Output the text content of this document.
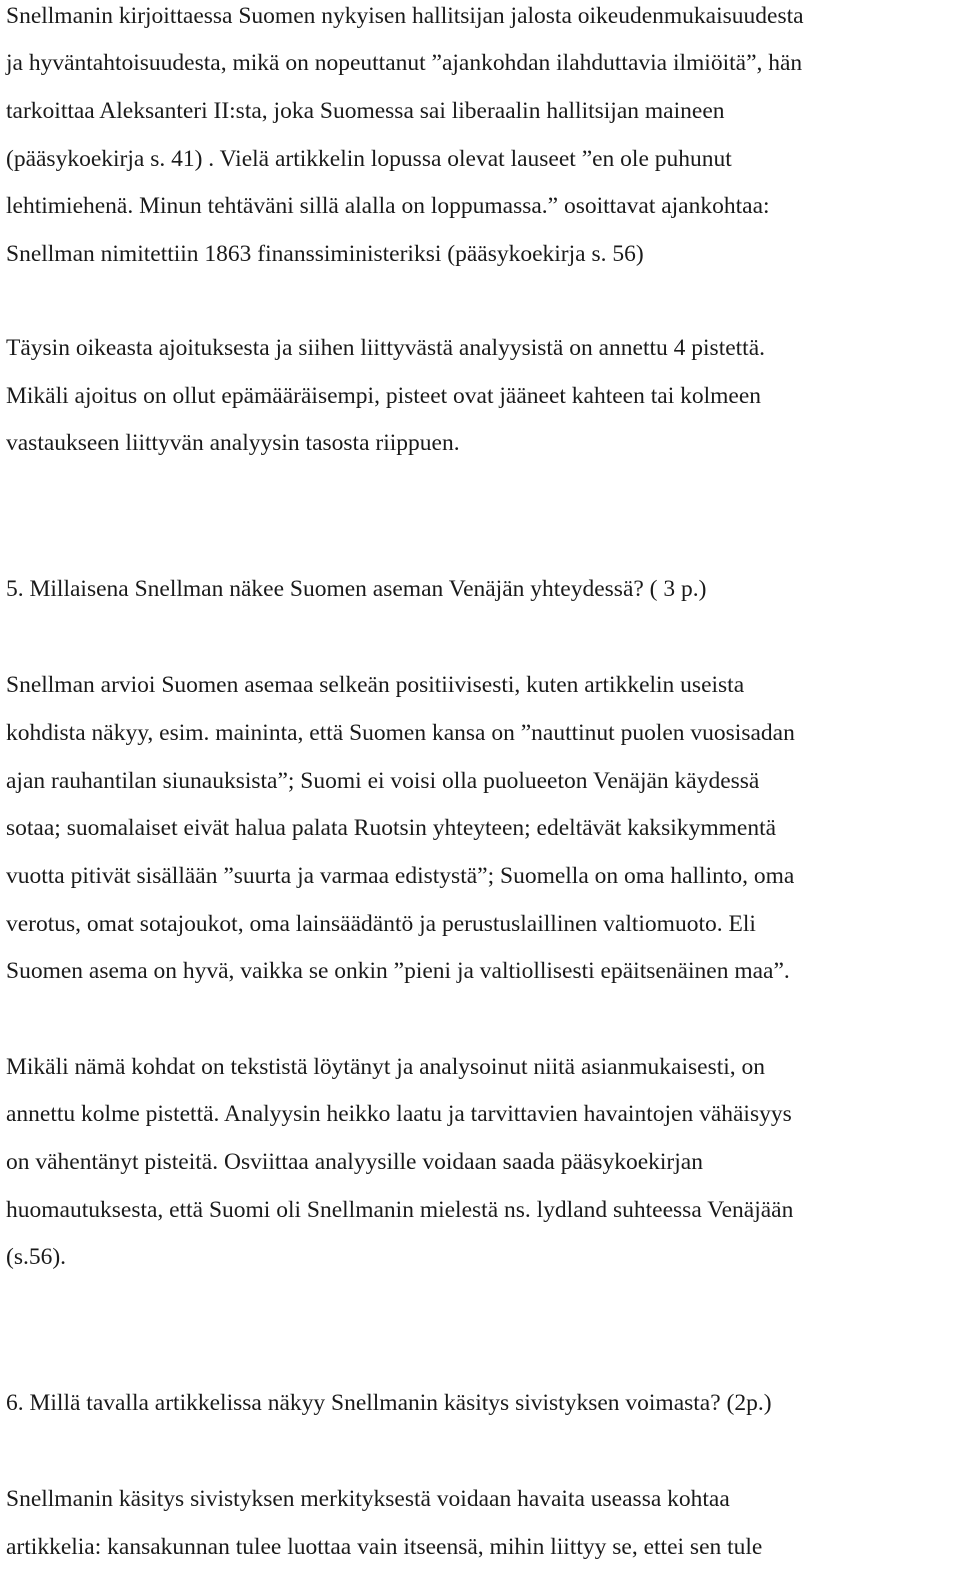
Snellmanin kirjoittaessa Suomen nykyisen hallitsijan jalosta oikeudenmukaisuudesta
ja hyväntahtoisuudesta, mikä on nopeuttanut ”ajankohdan ilahduttavia ilmiöitä”, hän
tarkoittaa Aleksanteri II:sta, joka Suomessa sai liberaalin hallitsijan maineen
(pääsykoekirja s. 41) . Vielä artikkelin lopussa olevat lauseet ”en ole puhunut
lehtimiehenä. Minun tehtäväni sillä alalla on loppumassa.” osoittavat ajankohtaa:
Snellman nimitettiin 1863 finanssiministeriksi (pääsykoekirja s. 56)
Täysin oikeasta ajoituksesta ja siihen liittyvästä analyysistä on annettu 4 pistettä.
Mikäli ajoitus on ollut epämääräisempi, pisteet ovat jääneet kahteen tai kolmeen
vastaukseen liittyvän analyysin tasosta riippuen.
5. Millaisena Snellman näkee Suomen aseman Venäjän yhteydessä? ( 3 p.)
Snellman arvioi Suomen asemaa selkeän positiivisesti, kuten artikkelin useista
kohdista näkyy, esim. maininta, että Suomen kansa on ”nauttinut puolen vuosisadan
ajan rauhantilan siunauksista”; Suomi ei voisi olla puolueeton Venäjän käydessä
sotaa; suomalaiset eivät halua palata Ruotsin yhteyteen; edeltävät kaksikymmentä
vuotta pitivät sisällään ”suurta ja varmaa edistystä”; Suomella on oma hallinto, oma
verotus, omat sotajoukot, oma lainsäädäntö ja perustuslaillinen valtiomuoto. Eli
Suomen asema on hyvä, vaikka se onkin ”pieni ja valtiollisesti epäitsenäinen maa”.
Mikäli nämä kohdat on tekstistä löytänyt ja analysoinut niitä asianmukaisesti, on
annettu kolme pistettä. Analyysin heikko laatu ja tarvittavien havaintojen vähäisyys
on vähentänyt pisteitä. Osviittaa analyysille voidaan saada pääsykoekirjan
huomautuksesta, että Suomi oli Snellmanin mielestä ns. lydland suhteessa Venäjään
(s.56).
6. Millä tavalla artikkelissa näkyy Snellmanin käsitys sivistyksen voimasta? (2p.)
Snellmanin käsitys sivistyksen merkityksestä voidaan havaita useassa kohtaa
artikkelia: kansakunnan tulee luottaa vain itseensä, mihin liittyy se, ettei sen tule
